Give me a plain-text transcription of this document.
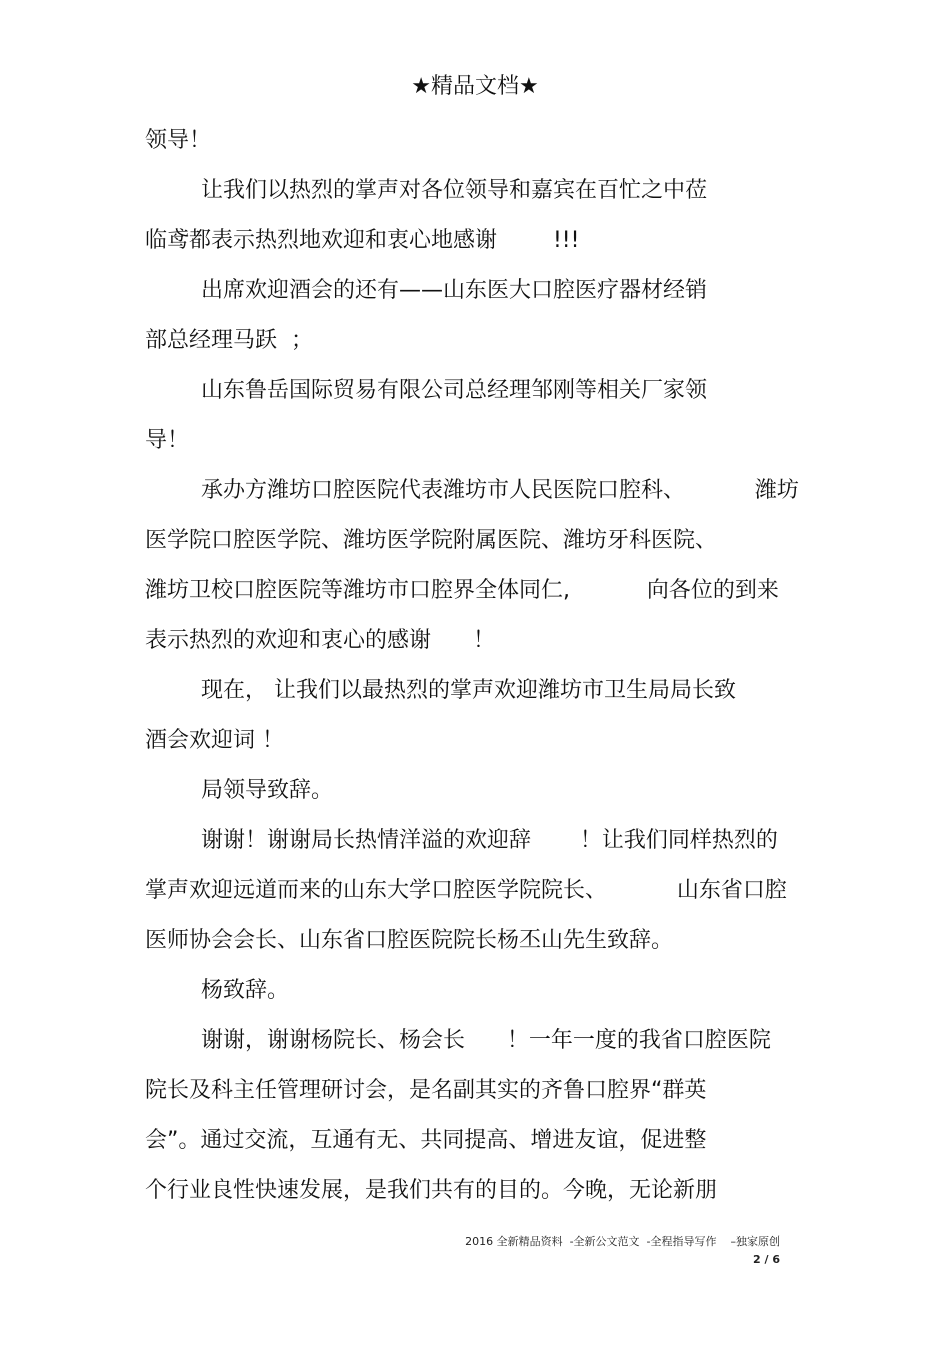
★精品文档★
领导！
让我们以热烈的掌声对各位领导和嘉宾在百忙之中莅
临鸢都表示热烈地欢迎和衷心地感谢        !!!
出席欢迎酒会的还有——山东医大口腔医疗器材经销
部总经理马跃  ；
山东鲁岳国际贸易有限公司总经理邹刚等相关厂家领
导！
承办方潍坊口腔医院代表潍坊市人民医院口腔科、          潍坊
医学院口腔医学院、潍坊医学院附属医院、潍坊牙科医院、
潍坊卫校口腔医院等潍坊市口腔界全体同仁,           向各位的到来
表示热烈的欢迎和衷心的感谢      ！
现在， 让我们以最热烈的掌声欢迎潍坊市卫生局局长致
酒会欢迎词 ！
局领导致辞。
谢谢！谢谢局长热情洋溢的欢迎辞       ！让我们同样热烈的
掌声欢迎远道而来的山东大学口腔医学院院长、          山东省口腔
医师协会会长、山东省口腔医院院长杨丕山先生致辞。
杨致辞。
谢谢，谢谢杨院长、杨会长      ！一年一度的我省口腔医院
院长及科主任管理研讨会，是名副其实的齐鲁口腔界“群英
会”。通过交流，互通有无、共同提高、增进友谊，促进整
个行业良性快速发展，是我们共有的目的。今晚，无论新朋
2016 全新精品资料  -全新公文范文  -全程指导写作    –独家原创
2 / 6
